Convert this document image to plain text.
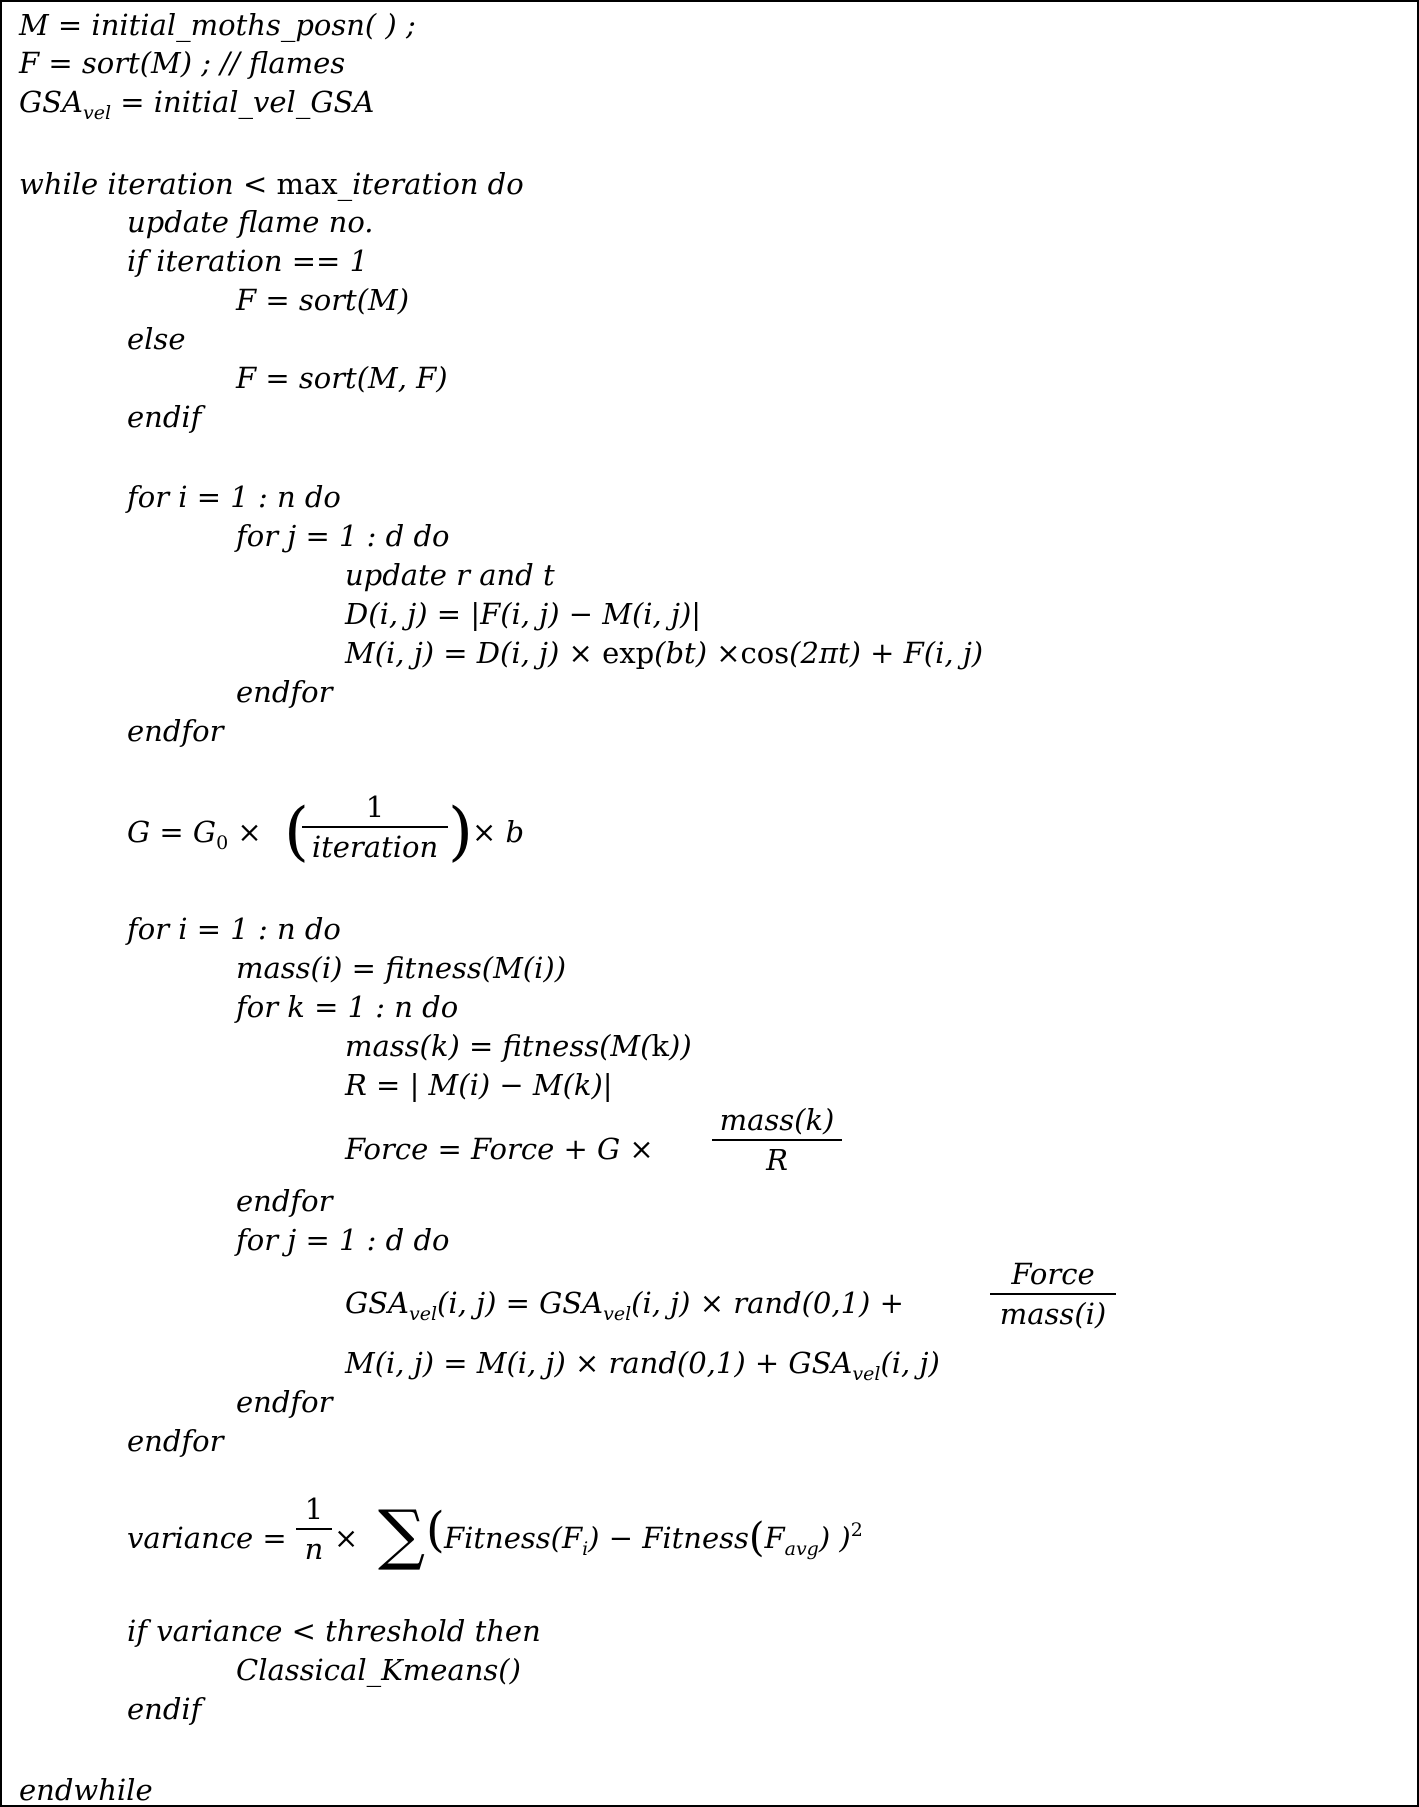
M = initial_moths_posn( ) ;
F = sort(M) ; // flames
$GSA_{vel}$ = initial_vel_GSA
while iteration < max_iteration do
update flame no.
if iteration == 1
F = sort(M)
else
F = sort(M, F)
endif
for i = 1 : n do
for j = 1 : d do
update r and t
D(i, j) = |F(i, j) − M(i, j)|
M(i, j) = D(i, j) × exp(bt) ×cos(2πt) + F(i, j)
endfor
endfor
$G = G_0$ × (	1
iteration ) × b
for i = 1 : n do
mass(i) = fitness(M(i))
for k = 1 : n do
mass(k) = fitness(M(k))
R = | M(i) − M(k)|
Force = Force + G ×
mass(k)
R
endfor
for j = 1 : d do
$GSA_{vel}(i$, $j) = GSA_{vel}(i$, j) × rand(0,1) +
Force
mass(i)
M(i, j) = M(i, j) × rand(0,1) + $GSA_{vel}(i$, j)
endfor
endfor
variance =
1
n × ∑ ( $Fitness(F_i)$ − $Fitness(F_{avg})$ )$^2$
if variance < threshold then
Classical_Kmeans()
endif
endwhile
